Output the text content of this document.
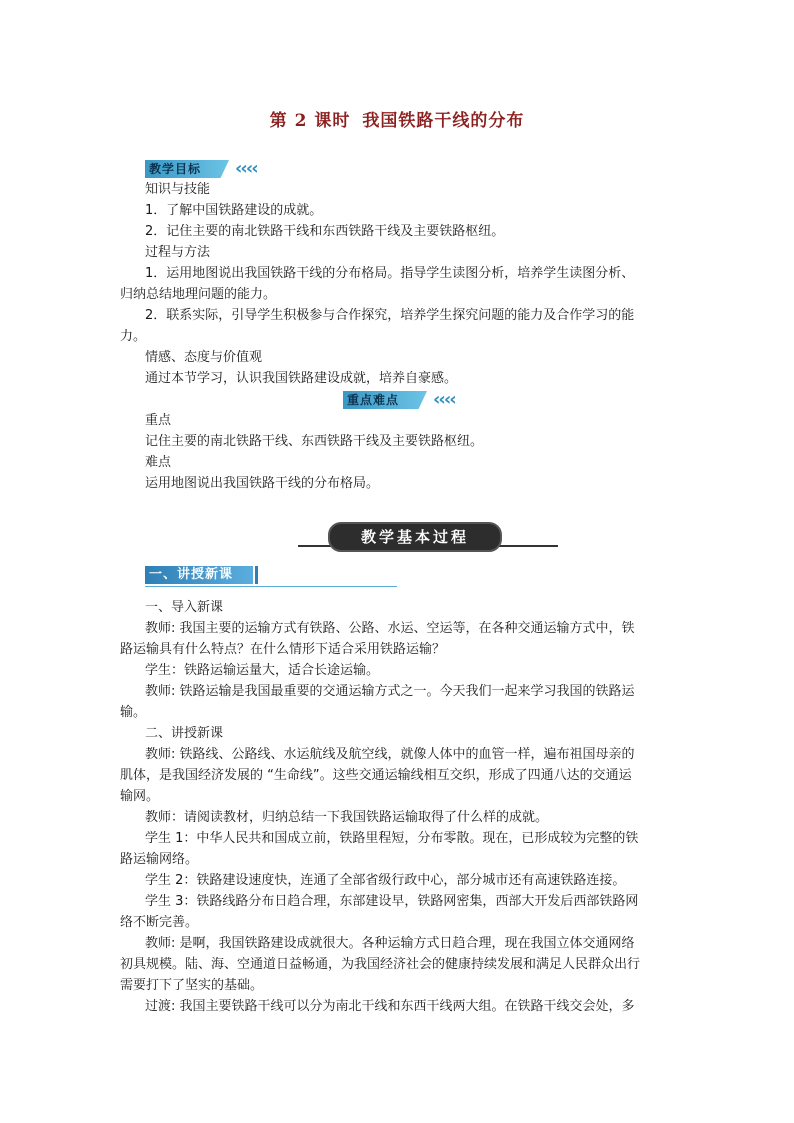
第 2 课时 我国铁路干线的分布
教学目标 ‹‹‹‹
知识与技能
1．了解中国铁路建设的成就。
2．记住主要的南北铁路干线和东西铁路干线及主要铁路枢纽。
过程与方法
1．运用地图说出我国铁路干线的分布格局。指导学生读图分析，培养学生读图分析、
归纳总结地理问题的能力。
2．联系实际，引导学生积极参与合作探究，培养学生探究问题的能力及合作学习的能
力。
情感、态度与价值观
通过本节学习，认识我国铁路建设成就，培养自豪感。
重点难点 ‹‹‹‹
重点
记住主要的南北铁路干线、东西铁路干线及主要铁路枢纽。
难点
运用地图说出我国铁路干线的分布格局。
教学基本过程
一、讲授新课
一、导入新课
教师: 我国主要的运输方式有铁路、公路、水运、空运等，在各种交通运输方式中，铁
路运输具有什么特点？在什么情形下适合采用铁路运输？
学生：铁路运输运量大，适合长途运输。
教师: 铁路运输是我国最重要的交通运输方式之一。今天我们一起来学习我国的铁路运
输。
二、讲授新课
教师: 铁路线、公路线、水运航线及航空线，就像人体中的血管一样，遍布祖国母亲的
肌体，是我国经济发展的 “生命线”。这些交通运输线相互交织，形成了四通八达的交通运
输网。
教师：请阅读教材，归纳总结一下我国铁路运输取得了什么样的成就。
学生 1：中华人民共和国成立前，铁路里程短，分布零散。现在，已形成较为完整的铁
路运输网络。
学生 2：铁路建设速度快，连通了全部省级行政中心，部分城市还有高速铁路连接。
学生 3：铁路线路分布日趋合理，东部建设早，铁路网密集，西部大开发后西部铁路网
络不断完善。
教师: 是啊，我国铁路建设成就很大。各种运输方式日趋合理，现在我国立体交通网络
初具规模。陆、海、空通道日益畅通，为我国经济社会的健康持续发展和满足人民群众出行
需要打下了坚实的基础。
过渡: 我国主要铁路干线可以分为南北干线和东西干线两大组。在铁路干线交会处，多
